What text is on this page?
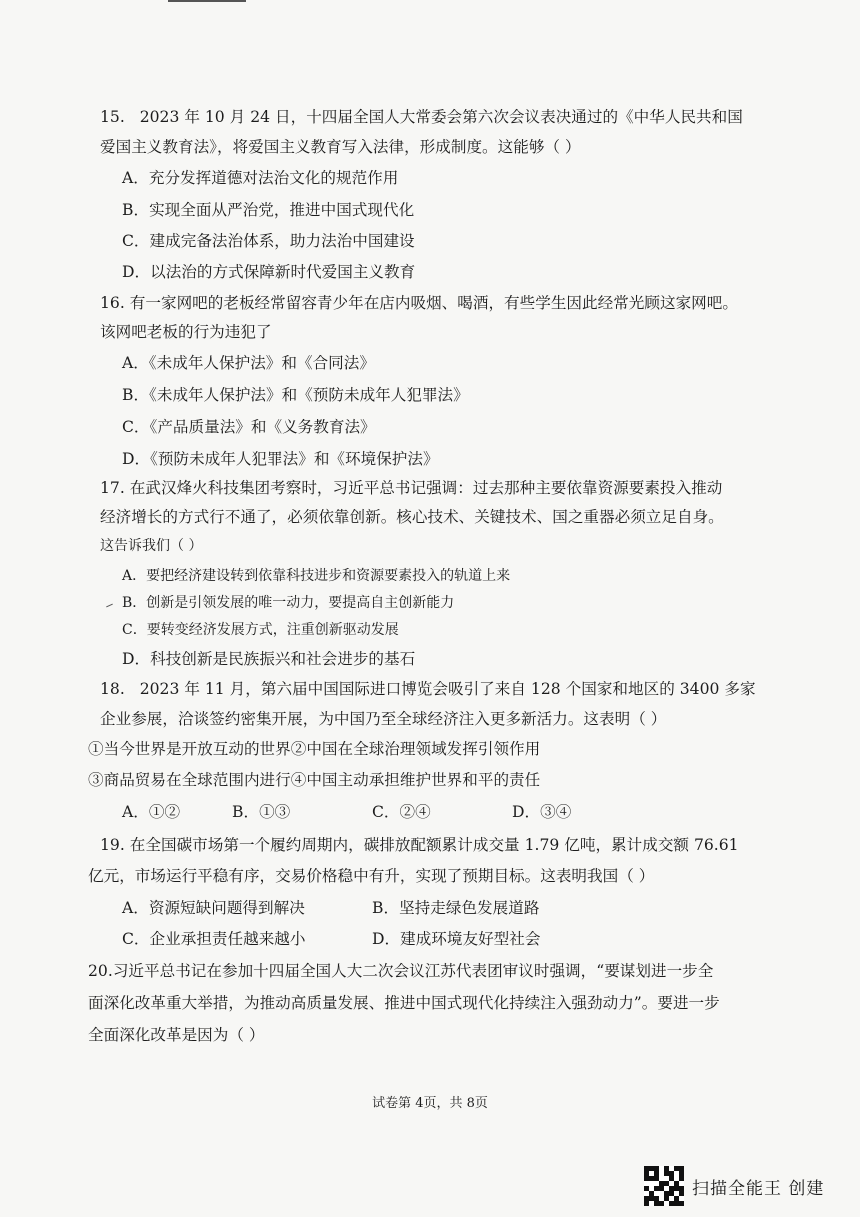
15. 2023 年 10 月 24 日，十四届全国人大常委会第六次会议表决通过的《中华人民共和国
爱国主义教育法》，将爱国主义教育写入法律，形成制度。这能够（ ）
A．充分发挥道德对法治文化的规范作用
B．实现全面从严治党，推进中国式现代化
C．建成完备法治体系，助力法治中国建设
D．以法治的方式保障新时代爱国主义教育
16. 有一家网吧的老板经常留容青少年在店内吸烟、喝酒，有些学生因此经常光顾这家网吧。
该网吧老板的行为违犯了
A．《未成年人保护法》和《合同法》
B．《未成年人保护法》和《预防未成年人犯罪法》
C．《产品质量法》和《义务教育法》
D．《预防未成年人犯罪法》和《环境保护法》
17. 在武汉烽火科技集团考察时，习近平总书记强调：过去那种主要依靠资源要素投入推动
经济增长的方式行不通了，必须依靠创新。核心技术、关键技术、国之重器必须立足自身。
这告诉我们（ ）
A．要把经济建设转到依靠科技进步和资源要素投入的轨道上来
B．创新是引领发展的唯一动力，要提高自主创新能力
C．要转变经济发展方式，注重创新驱动发展
D．科技创新是民族振兴和社会进步的基石
18. 2023 年 11 月，第六届中国国际进口博览会吸引了来自 128 个国家和地区的 3400 多家
企业参展，洽谈签约密集开展，为中国乃至全球经济注入更多新活力。这表明（ ）
①当今世界是开放互动的世界②中国在全球治理领域发挥引领作用
③商品贸易在全球范围内进行④中国主动承担维护世界和平的责任
A．①②	B．①③	C．②④	D．③④
19. 在全国碳市场第一个履约周期内，碳排放配额累计成交量 1.79 亿吨，累计成交额 76.61
亿元，市场运行平稳有序，交易价格稳中有升，实现了预期目标。这表明我国（ ）
A．资源短缺问题得到解决	B．坚持走绿色发展道路
C．企业承担责任越来越小	D．建成环境友好型社会
20.习近平总书记在参加十四届全国人大二次会议江苏代表团审议时强调，“要谋划进一步全
面深化改革重大举措，为推动高质量发展、推进中国式现代化持续注入强劲动力”。要进一步
全面深化改革是因为（ ）
试卷第 4页，共 8页
扫描全能王 创建
